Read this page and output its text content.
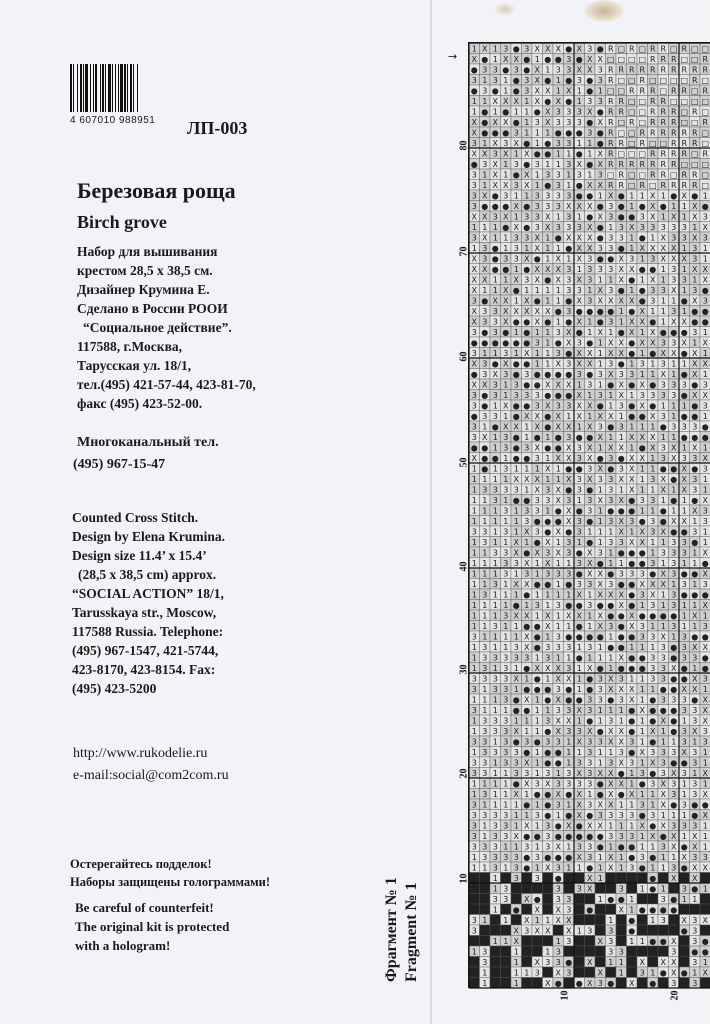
4 607010 988951	ЛП-003
Березовая роща
Birch grove
Набор для вышивания
крестом 28,5 х 38,5 см.
Дизайнер Крумина Е.
Сделано в России РООИ
“Социальное действие”.
117588, г.Москва,
Тарусская ул. 18/1,
тел.(495) 421-57-44, 423-81-70,
факс (495) 423-52-00.
Многоканальный тел.
(495) 967-15-47
Counted Cross Stitch.
Design by Elena Krumina.
Design size 11.4’ x 15.4’
(28,5 x 38,5 cm) approx.
“SOCIAL ACTION” 18/1,
Tarusskaya str., Moscow,
117588 Russia. Telephone:
(495) 967-1547, 421-5744,
423-8170, 423-8154. Fax:
(495) 423-5200
http://www.rukodelie.ru
e-mail:social@com2com.ru
Остерегайтесь подделок!
Наборы защищены голограммами!
Be careful of counterfeit!
The original kit is protected
with a hologram!	Фрагмент № 1 Fragment № 1
→
1 X 1 3 ● 3 X X X ● X 3 ● R □ R □ R R □ R □ □
X ● 1 X X ● 1 ● ● 3 ● X X □ □ □ □ R R R □ □ R
● 3 3 ● 3 ● X 1 3 3 X X 3 R R R R R R R R R R
3 1 3 1 ● 3 X ● 1 ● 3 ● 3 R □ □ R □ □ □ □ R □
● 3 ● 1 ● 3 X X 1 X 1 ● 1 □ □ R R R □ R R □ R
1 1 X X X 1 X ● X ● 1 3 3 R R □ □ R R □ □ □ □
1 ● 1 ● 1 1 ● X 3 3 3 X ● R R □ □ R R R □ R □
X ● X X ● 1 3 X 3 3 3 ● X R □ R □ R R R □ □ R
X ● ● ● 3 1 1 1 ● ● ● 3 ● R □ □ R R R R R R □
3 1 X 3 X ● 1 ● 3 3 1 1 ● R R □ R □ □ R R R □
X X 3 X 1 X ● ● 1 1 ● 1 X R □ □ □ R R R R □ R
● 3 X 1 3 ● 3 1 1 3 X ● X R R R R R R R □ □ □
3 1 X 1 ● X 1 3 3 1 3 1 3 □ R □ □ R R □ R R □
3 1 X X 3 X 1 ● 3 1 ● X X R R □ R □ R R R R □
3 X ● 3 1 1 3 3 3 3 ● ● 1 X ● 1 1 X 1 ● X ● 1
3 ● ● ● X ● 3 3 3 X X X ● 3 ● 1 ● X ● 1 1 X ●
X X 3 X 1 3 3 X 1 3 1 ● X 3 ● ● 3 X 1 X 1 X 3
1 1 1 ● X ● 3 X 3 3 3 X ● 1 3 X 3 3 3 3 3 1 X
3 X 1 1 3 3 X 1 ● X X X ● 3 3 1 ● 1 X 3 3 X 3
1 3 ● 1 3 1 X 1 1 ● X X 3 3 ● 1 X X X X 1 3 1
X 3 ● 3 3 X ● 1 X 1 X 3 ● ● X 3 1 3 X X X 3 1
X X ● ● 1 ● X X X 3 1 3 3 3 X X ● ● 1 3 1 X X
X X 1 1 X 3 X ● X 3 X 3 1 1 X ● 1 X 1 3 3 1 X
X 1 1 X ● 1 1 1 1 3 3 1 X 3 ● 1 ● 3 3 X 1 3 ●
3 ● X X 1 X ● 1 1 ● X 3 X X X X ● 3 1 1 ● X 3
X 3 3 X X X X X ● 3 ● ● ● ● 1 ● X 1 1 3 1 ● ●
X 3 3 X ● ● X ● 1 ● X 1 ● 3 1 X X ● 1 X X ● ●
3 ● 3 ● 1 ● 1 1 3 X ● 1 X 1 ● X 1 X ● ● ● 3 1
● ● ● ● ● ● 3 1 ● X 3 ● 1 X X ● X X 3 3 X 1 X
3 1 1 3 1 X 1 1 3 ● X X 1 X X ● 1 ● X X ● X 1
X 3 ● X ● ● 1 1 X 3 X X 1 3 ● 1 3 1 3 1 1 X X
● 3 X 3 ● 3 ● ● ● ● 3 ● 3 X 3 3 1 1 X 1 ● X 1
X X 3 1 3 ● ● X X X 1 3 1 ● X ● X ● 3 3 3 ● 3
3 ● 3 1 3 3 3 ● ● ● X 1 3 1 X 1 3 3 3 3 ● X X
3 ● 1 X ● ● 3 X 3 3 X X ● 1 3 ● X ● 1 1 1 ● 3
● 3 3 1 ● X X ● X 1 X 1 X X 1 ● ● X 3 1 ● ● 1
3 1 ● X X 1 X ● X X 1 X 3 ● 3 1 1 1 ● 3 3 3 ●
3 X 1 3 ● 1 ● 1 ● 3 ● ● X 1 1 X X X 1 1 ● ● ●
● ● 1 3 ● 3 X ● ● X 3 X 1 X X 1 ● X 3 X 1 X 1
X ● ● 1 ● ● 3 1 X X 3 X ● 3 ● X X 1 3 X 3 3 X
1 ● 1 3 1 1 1 X 1 ● ● 3 X ● 3 X 1 1 ● ● X ● 3
1 1 1 1 X X X 1 1 X 3 X 3 3 X X 1 3 X ● X 3 1
1 3 3 3 3 1 X 3 X ● 3 ● 1 3 1 X 1 1 X 1 X 3 1
1 1 3 1 ● ● 3 3 X 3 1 3 X 3 X ● 3 3 1 ● 1 ● X
1 1 1 3 1 3 3 1 ● X ● 3 1 ● ● ● 1 1 ● 1 1 X 3
1 1 1 1 1 3 ● ● ● X 3 ● 1 3 X 3 ● 3 ● X X 1 3
3 3 1 3 1 X 3 ● X ● 3 1 1 1 X 1 X 3 X ● ● 3 1
1 3 1 1 X 1 ● X 1 3 1 ● 1 3 3 X X 1 1 3 3 ● 1
1 1 3 3 X ● X 3 X 3 ● X 3 1 ● ● ● 1 3 3 3 1 X
1 1 1 3 3 X 1 X 1 1 3 X ● 1 1 ● ● 3 1 3 1 1 ●
1 1 1 3 1 3 1 3 3 3 ● X X ● 3 3 3 ● X 3 ● ● X
1 1 3 1 X X ● ● 1 ● 3 3 X 3 ● ● X X X 1 3 1 3
1 3 1 1 1 ● 1 1 1 1 X 1 X X X ● 3 X 1 3 ● ● ●
1 1 1 1 ● 1 3 1 3 ● ● 3 ● ● X ● 1 3 1 3 1 1 X
1 1 1 3 X X 1 X 1 X X 1 X ● ● X ● ● ● ● 1 X 1
1 1 3 1 1 ● ● X 1 1 ● 1 X 3 ● X 3 1 1 3 1 1 3
3 1 1 1 1 X ● 1 3 ● ● ● ● 1 ● ● 3 3 X 1 3 ● ●
1 3 1 1 3 X ● 3 3 3 1 3 1 ● ● 1 1 1 3 ● 3 X X
1 3 3 3 3 3 1 3 1 1 ● 1 1 1 X ● ● 3 3 ● 3 3 ●
1 3 1 3 1 ● X X X 3 1 X ● 1 ● ● ● 3 3 X ● 1 ●
3 3 3 3 X 1 ● 1 X X 1 ● 3 X 3 1 1 3 3 ● ● X 3
3 1 3 3 1 ● ● ● 3 ● 1 ● 3 X X X 1 1 ● ● X X 1
1 1 1 3 ● X 1 ● X ● ● 3 3 ● 3 X 1 ● 3 3 3 ● X
3 1 1 1 ● ● 1 1 3 3 X 3 1 1 1 ● X ● ● ● 3 3 X
1 3 3 3 1 1 1 3 X X 1 ● 1 3 1 ● 1 ● X ● 1 3 X
1 3 3 3 X 1 1 ● X 3 3 X ● X X ● 1 X 1 ● 3 X 3
3 3 1 3 ● 3 ● 3 3 1 X 3 3 X X 3 1 ● 1 1 3 1 3
1 3 3 3 3 ● 1 ● ● 1 1 3 1 1 3 ● X 3 3 3 X 3 1
3 3 1 3 3 X 1 ● ● 1 3 3 1 3 X 3 1 X 3 ● ● 3 1
3 3 1 1 3 3 1 3 1 3 X 3 X X ● 1 3 ● 3 X 3 1 X
1 1 1 1 ● X 3 X 3 3 3 3 ● X X 1 ● 3 X 3 1 3 1
1 3 1 1 X 1 ● ● X ● X 1 ● X ● X 1 1 X 3 1 3 X
3 1 1 1 1 ● 1 ● 3 1 X 3 X X 1 1 3 1 X ● 3 ● ●
3 3 3 3 1 1 3 ● 1 ● X ● 3 3 3 3 ● 3 1 1 1 ● X
3 1 3 3 1 X 1 3 ● X ● X X 1 1 1 X ● X 3 3 3 1
3 1 3 3 X ● ● 3 ● ● ● ● ● 3 3 3 1 X ● X 1 X 1
3 3 3 1 1 3 1 3 X 1 3 3 ● 1 ● ● 1 1 3 X ● X 1
1 3 3 3 3 ● 3 ● ● ● X 3 1 X 1 ● 3 ● 1 1 X 3 3
1 1 3 1 3 ● 1 X 3 1 1 ● 1 X 1 3 ● 1 1 3 ● X X
1 3 3 ●	X 1	● X X
1 3	3 3 X	3 1 ● 1 3 ● 1
3 3 X ● 3 3	1 ● ● 1	3 ● 1 1
1 ● X X 3 ●	X 1 ● ● ● ●
3 1 1 X 1 1 X X	1 ● 1 3 X 3 X
3	X 3 X X X 1 3 3 ●	● 3
1 1 X	1 3	X 3 1 1 ● ● X 3 ●
1 3	1	1 3	3 3	3 ● ●
3	1 X 3 3 ● X 1 1 X X X 3 1
1	1 1 3 X 3	X 1 3 1 ● X ● 1 X
1	1	X ● ● X 3 ● X ● 3 3
80
70
60
50
40
30
20
10
10	20
